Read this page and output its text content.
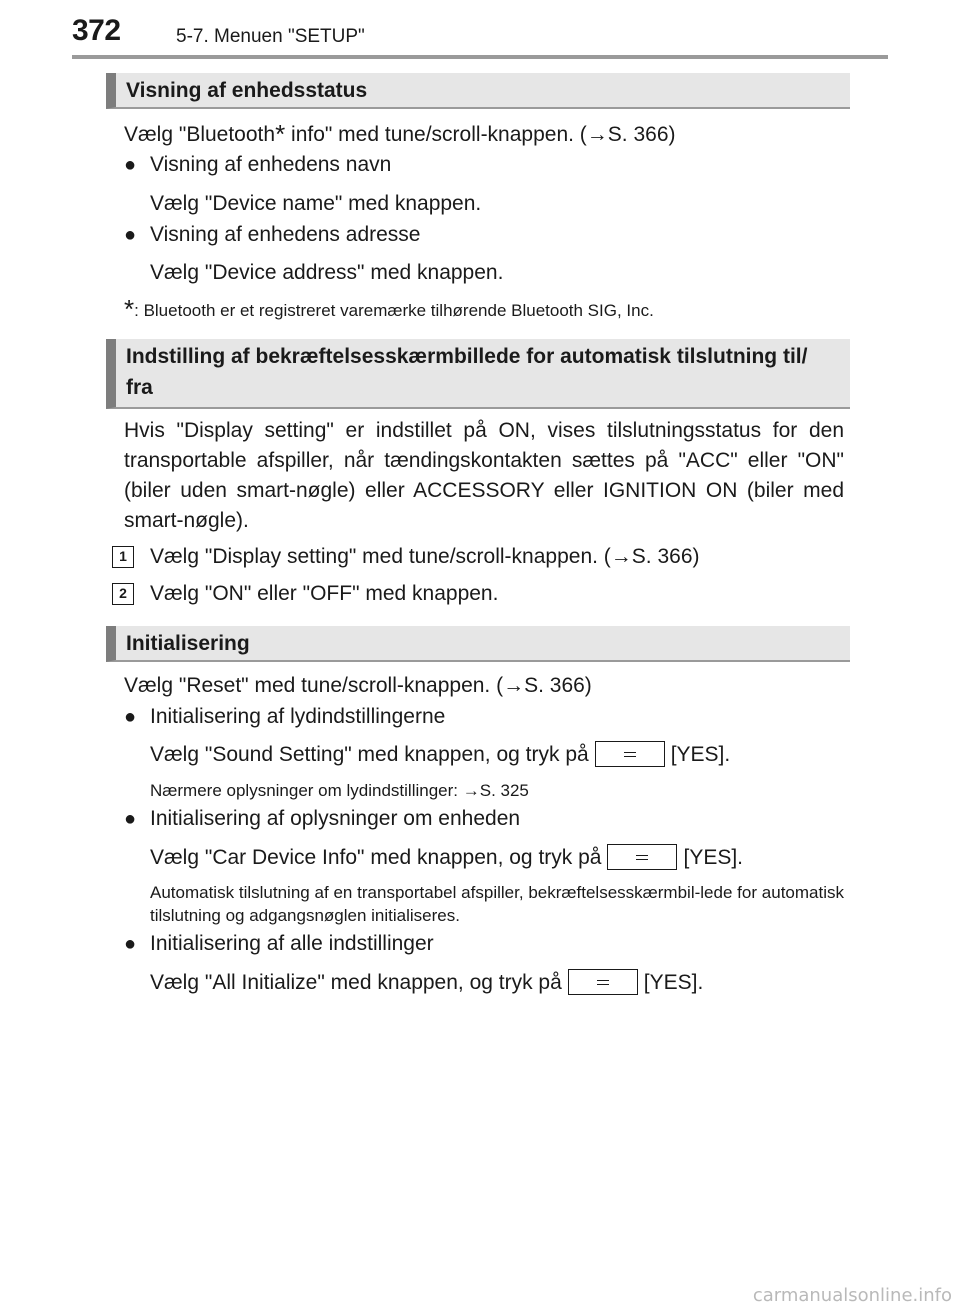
372	5-7. Menuen "SETUP"
Visning af enhedsstatus
Vælg "Bluetooth* info" med tune/scroll-knappen. (→S. 366)
● Visning af enhedens navn
Vælg "Device name" med knappen.
● Visning af enhedens adresse
Vælg "Device address" med knappen.
*: Bluetooth er et registreret varemærke tilhørende Bluetooth SIG, Inc.
Indstilling af bekræftelsesskærmbillede for automatisk tilslutning til/ fra
Hvis "Display setting" er indstillet på ON, vises tilslutningsstatus for den transportable afspiller, når tændingskontakten sættes på "ACC" eller "ON" (biler uden smart-nøgle) eller ACCESSORY eller IGNITION ON (biler med smart-nøgle).
1	Vælg "Display setting" med tune/scroll-knappen. (→S. 366)
2	Vælg "ON" eller "OFF" med knappen.
Initialisering
Vælg "Reset" med tune/scroll-knappen. (→S. 366)
● Initialisering af lydindstillingerne
Vælg "Sound Setting" med knappen, og tryk på	[YES].
Nærmere oplysninger om lydindstillinger: →S. 325
● Initialisering af oplysninger om enheden
Vælg "Car Device Info" med knappen, og tryk på	[YES].
Automatisk tilslutning af en transportabel afspiller, bekræftelsesskærmbil-lede for automatisk tilslutning og adgangsnøglen initialiseres.
● Initialisering af alle indstillinger
Vælg "All Initialize" med knappen, og tryk på	[YES].
carmanualsonline.info
